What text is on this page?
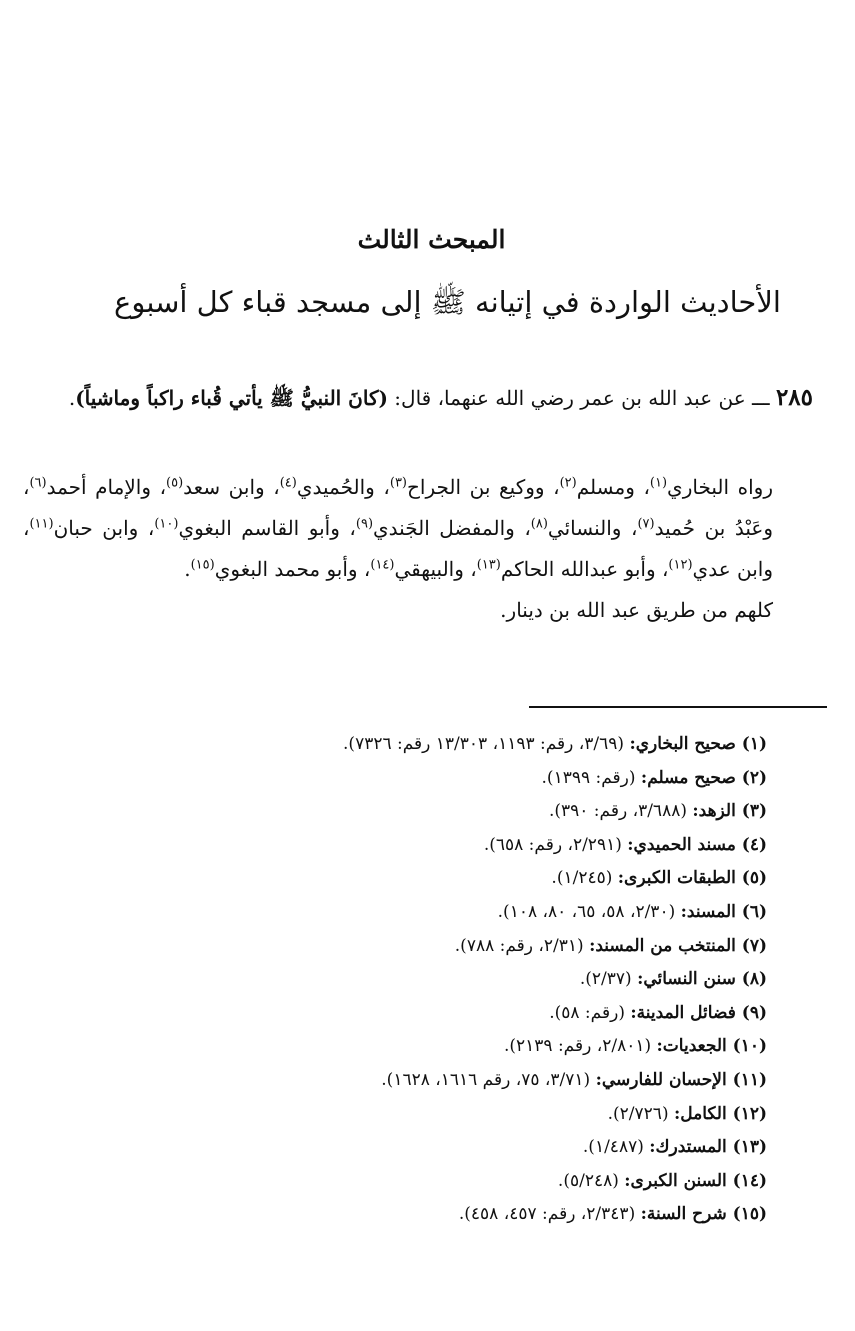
المبحث الثالث
الأحاديث الواردة في إتيانه ﷺ إلى مسجد قباء كل أسبوع
٢٨٥ ـــ عن عبد الله بن عمر رضي الله عنهما، قال: (كانَ النبيُّ ﷺ يأتي قُباء راكباً وماشياً).

رواه البخاري$^{(١)}$، ومسلم$^{(٢)}$، ووكيع بن الجراح$^{(٣)}$، والحُميدي$^{(٤)}$، وابن سعد$^{(٥)}$، والإمام أحمد$^{(٦)}$، وعَبْدُ بن حُميد$^{(٧)}$، والنسائي$^{(٨)}$، والمفضل الجَندي$^{(٩)}$، وأبو القاسم البغوي$^{(١٠)}$، وابن حبان$^{(١١)}$، وابن عدي$^{(١٢)}$، وأبو عبدالله الحاكم$^{(١٣)}$، والبيهقي$^{(١٤)}$، وأبو محمد البغوي$^{(١٥)}$.

كلهم من طريق عبد الله بن دينار.

(١) صحيح البخاري: (٣/٦٩، رقم: ١١٩٣، ١٣/٣٠٣ رقم: ٧٣٢٦).
(٢) صحيح مسلم: (رقم: ١٣٩٩).
(٣) الزهد: (٣/٦٨٨، رقم: ٣٩٠).
(٤) مسند الحميدي: (٢/٢٩١، رقم: ٦٥٨).
(٥) الطبقات الكبرى: (١/٢٤٥).
(٦) المسند: (٢/٣٠، ٥٨، ٦٥، ٨٠، ١٠٨).
(٧) المنتخب من المسند: (٢/٣١، رقم: ٧٨٨).
(٨) سنن النسائي: (٢/٣٧).
(٩) فضائل المدينة: (رقم: ٥٨).
(١٠) الجعديات: (٢/٨٠١، رقم: ٢١٣٩).
(١١) الإحسان للفارسي: (٣/٧١، ٧٥، رقم ١٦١٦، ١٦٢٨).
(١٢) الكامل: (٢/٧٢٦).
(١٣) المستدرك: (١/٤٨٧).
(١٤) السنن الكبرى: (٥/٢٤٨).
(١٥) شرح السنة: (٢/٣٤٣، رقم: ٤٥٧، ٤٥٨).
